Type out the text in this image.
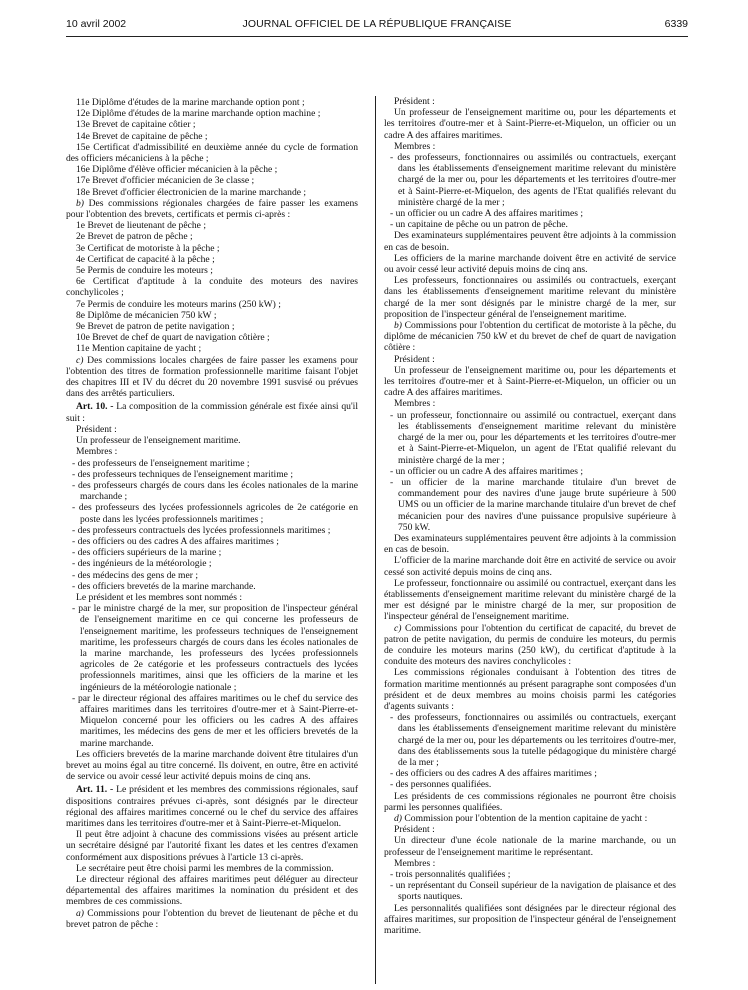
10 avril 2002	JOURNAL OFFICIEL DE LA RÉPUBLIQUE FRANÇAISE	6339

11e Diplôme d'études de la marine marchande option pont ;

12e Diplôme d'études de la marine marchande option machine ;

13e Brevet de capitaine côtier ;

14e Brevet de capitaine de pêche ;

15e Certificat d'admissibilité en deuxième année du cycle de formation des officiers mécaniciens à la pêche ;

16e Diplôme d'élève officier mécanicien à la pêche ;

17e Brevet d'officier mécanicien de 3e classe ;

18e Brevet d'officier électronicien de la marine marchande ;

b) Des commissions régionales chargées de faire passer les examens pour l'obtention des brevets, certificats et permis ci-après :

1e Brevet de lieutenant de pêche ;

2e Brevet de patron de pêche ;

3e Certificat de motoriste à la pêche ;

4e Certificat de capacité à la pêche ;

5e Permis de conduire les moteurs ;

6e Certificat d'aptitude à la conduite des moteurs des navires conchylicoles ;

7e Permis de conduire les moteurs marins (250 kW) ;

8e Diplôme de mécanicien 750 kW ;

9e Brevet de patron de petite navigation ;

10e Brevet de chef de quart de navigation côtière ;

11e Mention capitaine de yacht ;

c) Des commissions locales chargées de faire passer les examens pour l'obtention des titres de formation professionnelle maritime faisant l'objet des chapitres III et IV du décret du 20 novembre 1991 susvisé ou prévues dans des arrêtés particuliers.

Art. 10. - La composition de la commission générale est fixée ainsi qu'il suit :

Président :

Un professeur de l'enseignement maritime.

Membres :

- des professeurs de l'enseignement maritime ;

- des professeurs techniques de l'enseignement maritime ;

- des professeurs chargés de cours dans les écoles nationales de la marine marchande ;

- des professeurs des lycées professionnels agricoles de 2e catégorie en poste dans les lycées professionnels maritimes ;

- des professeurs contractuels des lycées professionnels maritimes ;

- des officiers ou des cadres A des affaires maritimes ;

- des officiers supérieurs de la marine ;

- des ingénieurs de la météorologie ;

- des médecins des gens de mer ;

- des officiers brevetés de la marine marchande.

Le président et les membres sont nommés :

- par le ministre chargé de la mer, sur proposition de l'inspecteur général de l'enseignement maritime en ce qui concerne les professeurs de l'enseignement maritime, les professeurs techniques de l'enseignement maritime, les professeurs chargés de cours dans les écoles nationales de la marine marchande, les professeurs des lycées professionnels agricoles de 2e catégorie et les professeurs contractuels des lycées professionnels maritimes, ainsi que les officiers de la marine et les ingénieurs de la météorologie nationale ;

- par le directeur régional des affaires maritimes ou le chef du service des affaires maritimes dans les territoires d'outre-mer et à Saint-Pierre-et-Miquelon concerné pour les officiers ou les cadres A des affaires maritimes, les médecins des gens de mer et les officiers brevetés de la marine marchande.

Les officiers brevetés de la marine marchande doivent être titulaires d'un brevet au moins égal au titre concerné. Ils doivent, en outre, être en activité de service ou avoir cessé leur activité depuis moins de cinq ans.

Art. 11. - Le président et les membres des commissions régionales, sauf dispositions contraires prévues ci-après, sont désignés par le directeur régional des affaires maritimes concerné ou le chef du service des affaires maritimes dans les territoires d'outre-mer et à Saint-Pierre-et-Miquelon.

Il peut être adjoint à chacune des commissions visées au présent article un secrétaire désigné par l'autorité fixant les dates et les centres d'examen conformément aux dispositions prévues à l'article 13 ci-après.

Le secrétaire peut être choisi parmi les membres de la commission.

Le directeur régional des affaires maritimes peut déléguer au directeur départemental des affaires maritimes la nomination du président et des membres de ces commissions.

a) Commissions pour l'obtention du brevet de lieutenant de pêche et du brevet patron de pêche :

Président :

Un professeur de l'enseignement maritime ou, pour les départements et les territoires d'outre-mer et à Saint-Pierre-et-Miquelon, un officier ou un cadre A des affaires maritimes.

Membres :

- des professeurs, fonctionnaires ou assimilés ou contractuels, exerçant dans les établissements d'enseignement maritime relevant du ministère chargé de la mer ou, pour les départements et les territoires d'outre-mer et à Saint-Pierre-et-Miquelon, des agents de l'Etat qualifiés relevant du ministère chargé de la mer ;

- un officier ou un cadre A des affaires maritimes ;

- un capitaine de pêche ou un patron de pêche.

Des examinateurs supplémentaires peuvent être adjoints à la commission en cas de besoin.

Les officiers de la marine marchande doivent être en activité de service ou avoir cessé leur activité depuis moins de cinq ans.

Les professeurs, fonctionnaires ou assimilés ou contractuels, exerçant dans les établissements d'enseignement maritime relevant du ministère chargé de la mer sont désignés par le ministre chargé de la mer, sur proposition de l'inspecteur général de l'enseignement maritime.

b) Commissions pour l'obtention du certificat de motoriste à la pêche, du diplôme de mécanicien 750 kW et du brevet de chef de quart de navigation côtière :

Président :

Un professeur de l'enseignement maritime ou, pour les départements et les territoires d'outre-mer et à Saint-Pierre-et-Miquelon, un officier ou un cadre A des affaires maritimes.

Membres :

- un professeur, fonctionnaire ou assimilé ou contractuel, exerçant dans les établissements d'enseignement maritime relevant du ministère chargé de la mer ou, pour les départements et les territoires d'outre-mer et à Saint-Pierre-et-Miquelon, un agent de l'Etat qualifié relevant du ministère chargé de la mer ;

- un officier ou un cadre A des affaires maritimes ;

- un officier de la marine marchande titulaire d'un brevet de commandement pour des navires d'une jauge brute supérieure à 500 UMS ou un officier de la marine marchande titulaire d'un brevet de chef mécanicien pour des navires d'une puissance propulsive supérieure à 750 kW.

Des examinateurs supplémentaires peuvent être adjoints à la commission en cas de besoin.

L'officier de la marine marchande doit être en activité de service ou avoir cessé son activité depuis moins de cinq ans.

Le professeur, fonctionnaire ou assimilé ou contractuel, exerçant dans les établissements d'enseignement maritime relevant du ministère chargé de la mer est désigné par le ministre chargé de la mer, sur proposition de l'inspecteur général de l'enseignement maritime.

c) Commissions pour l'obtention du certificat de capacité, du brevet de patron de petite navigation, du permis de conduire les moteurs, du permis de conduire les moteurs marins (250 kW), du certificat d'aptitude à la conduite des moteurs des navires conchylicoles :

Les commissions régionales conduisant à l'obtention des titres de formation maritime mentionnés au présent paragraphe sont composées d'un président et de deux membres au moins choisis parmi les catégories d'agents suivants :

- des professeurs, fonctionnaires ou assimilés ou contractuels, exerçant dans les établissements d'enseignement maritime relevant du ministère chargé de la mer ou, pour les départements ou les territoires d'outre-mer, dans des établissements sous la tutelle pédagogique du ministère chargé de la mer ;

- des officiers ou des cadres A des affaires maritimes ;

- des personnes qualifiées.

Les présidents de ces commissions régionales ne pourront être choisis parmi les personnes qualifiées.

d) Commission pour l'obtention de la mention capitaine de yacht :

Président :

Un directeur d'une école nationale de la marine marchande, ou un professeur de l'enseignement maritime le représentant.

Membres :

- trois personnalités qualifiées ;

- un représentant du Conseil supérieur de la navigation de plaisance et des sports nautiques.

Les personnalités qualifiées sont désignées par le directeur régional des affaires maritimes, sur proposition de l'inspecteur général de l'enseignement maritime.
